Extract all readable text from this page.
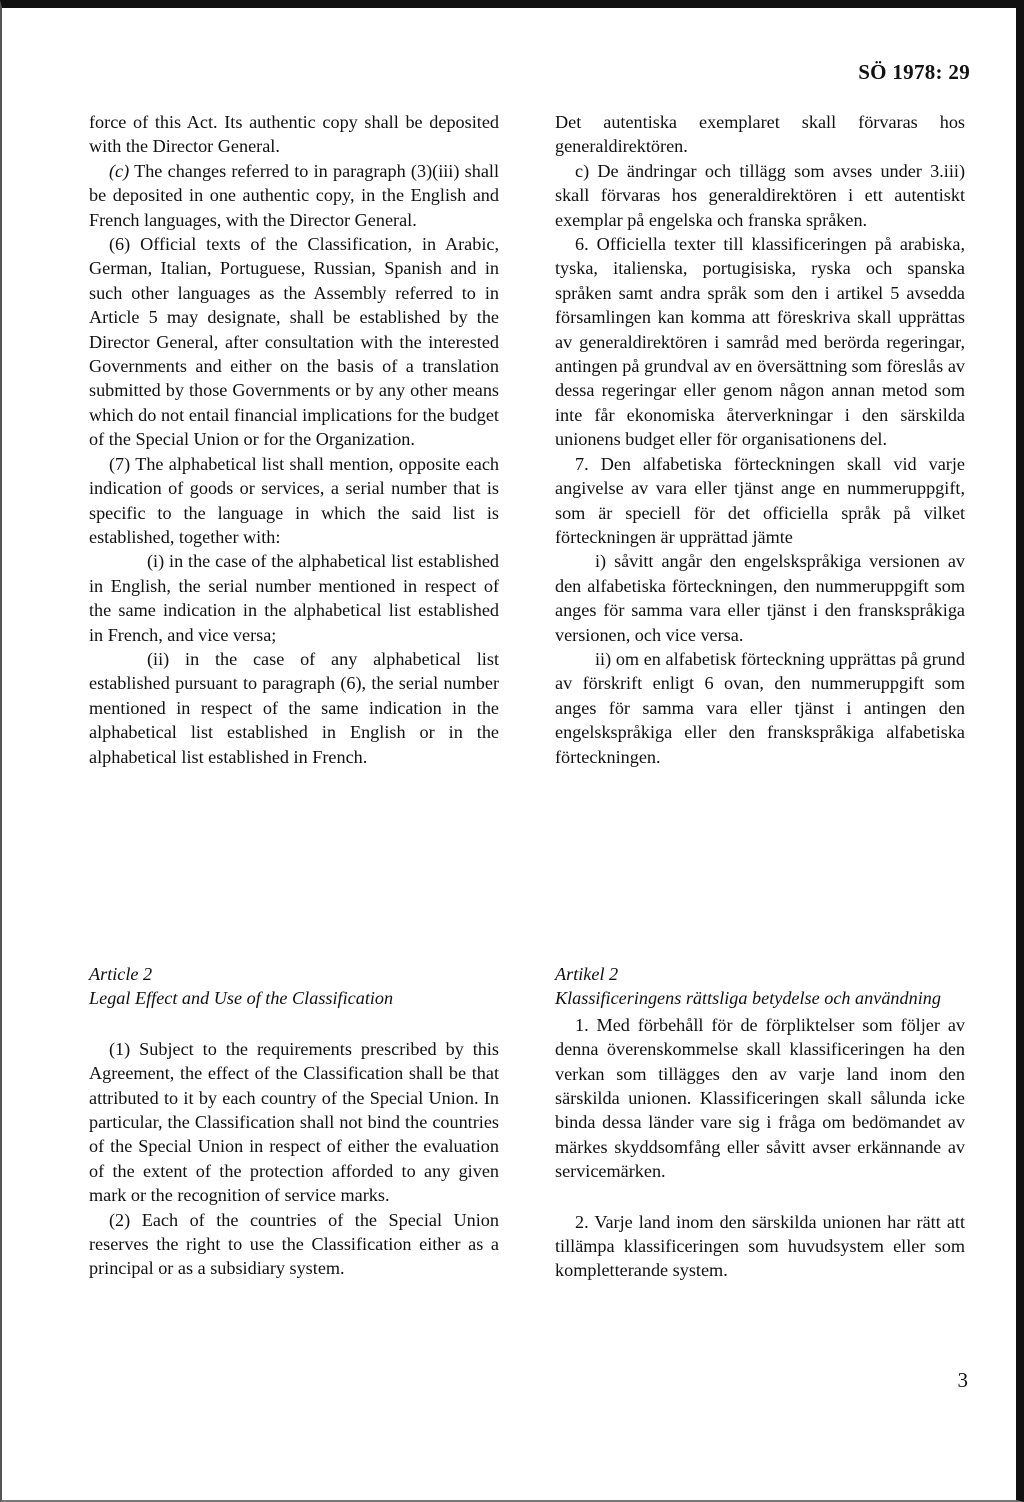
SÖ 1978: 29

force of this Act. Its authentic copy shall be deposited with the Director General.

(c) The changes referred to in paragraph (3)(iii) shall be deposited in one authentic copy, in the English and French languages, with the Director General.

(6) Official texts of the Classification, in Arabic, German, Italian, Portuguese, Russian, Spanish and in such other languages as the Assembly referred to in Article 5 may designate, shall be established by the Director General, after consultation with the interested Governments and either on the basis of a translation submitted by those Governments or by any other means which do not entail financial implications for the budget of the Special Union or for the Organization.

(7) The alphabetical list shall mention, opposite each indication of goods or services, a serial number that is specific to the language in which the said list is established, together with:

(i) in the case of the alphabetical list established in English, the serial number mentioned in respect of the same indication in the alphabetical list established in French, and vice versa;

(ii) in the case of any alphabetical list established pursuant to paragraph (6), the serial number mentioned in respect of the same indication in the alphabetical list established in English or in the alphabetical list established in French.

Det autentiska exemplaret skall förvaras hos generaldirektören.

c) De ändringar och tillägg som avses under 3.iii) skall förvaras hos generaldirektören i ett autentiskt exemplar på engelska och franska språken.

6. Officiella texter till klassificeringen på arabiska, tyska, italienska, portugisiska, ryska och spanska språken samt andra språk som den i artikel 5 avsedda församlingen kan komma att föreskriva skall upprättas av generaldirektören i samråd med berörda regeringar, antingen på grundval av en översättning som föreslås av dessa regeringar eller genom någon annan metod som inte får ekonomiska återverkningar i den särskilda unionens budget eller för organisationens del.

7. Den alfabetiska förteckningen skall vid varje angivelse av vara eller tjänst ange en nummeruppgift, som är speciell för det officiella språk på vilket förteckningen är upprättad jämte

i) såvitt angår den engelskspråkiga versionen av den alfabetiska förteckningen, den nummeruppgift som anges för samma vara eller tjänst i den franskspråkiga versionen, och vice versa.

ii) om en alfabetisk förteckning upprättas på grund av förskrift enligt 6 ovan, den nummeruppgift som anges för samma vara eller tjänst i antingen den engelskspråkiga eller den franskspråkiga alfabetiska förteckningen.

Article 2

Legal Effect and Use of the Classification

(1) Subject to the requirements prescribed by this Agreement, the effect of the Classification shall be that attributed to it by each country of the Special Union. In particular, the Classification shall not bind the countries of the Special Union in respect of either the evaluation of the extent of the protection afforded to any given mark or the recognition of service marks.

(2) Each of the countries of the Special Union reserves the right to use the Classification either as a principal or as a subsidiary system.

Artikel 2

Klassificeringens rättsliga betydelse och användning

1. Med förbehåll för de förpliktelser som följer av denna överenskommelse skall klassificeringen ha den verkan som tillägges den av varje land inom den särskilda unionen. Klassificeringen skall sålunda icke binda dessa länder vare sig i fråga om bedömandet av märkes skyddsomfång eller såvitt avser erkännande av servicemärken.

2. Varje land inom den särskilda unionen har rätt att tillämpa klassificeringen som huvudsystem eller som kompletterande system.

3
